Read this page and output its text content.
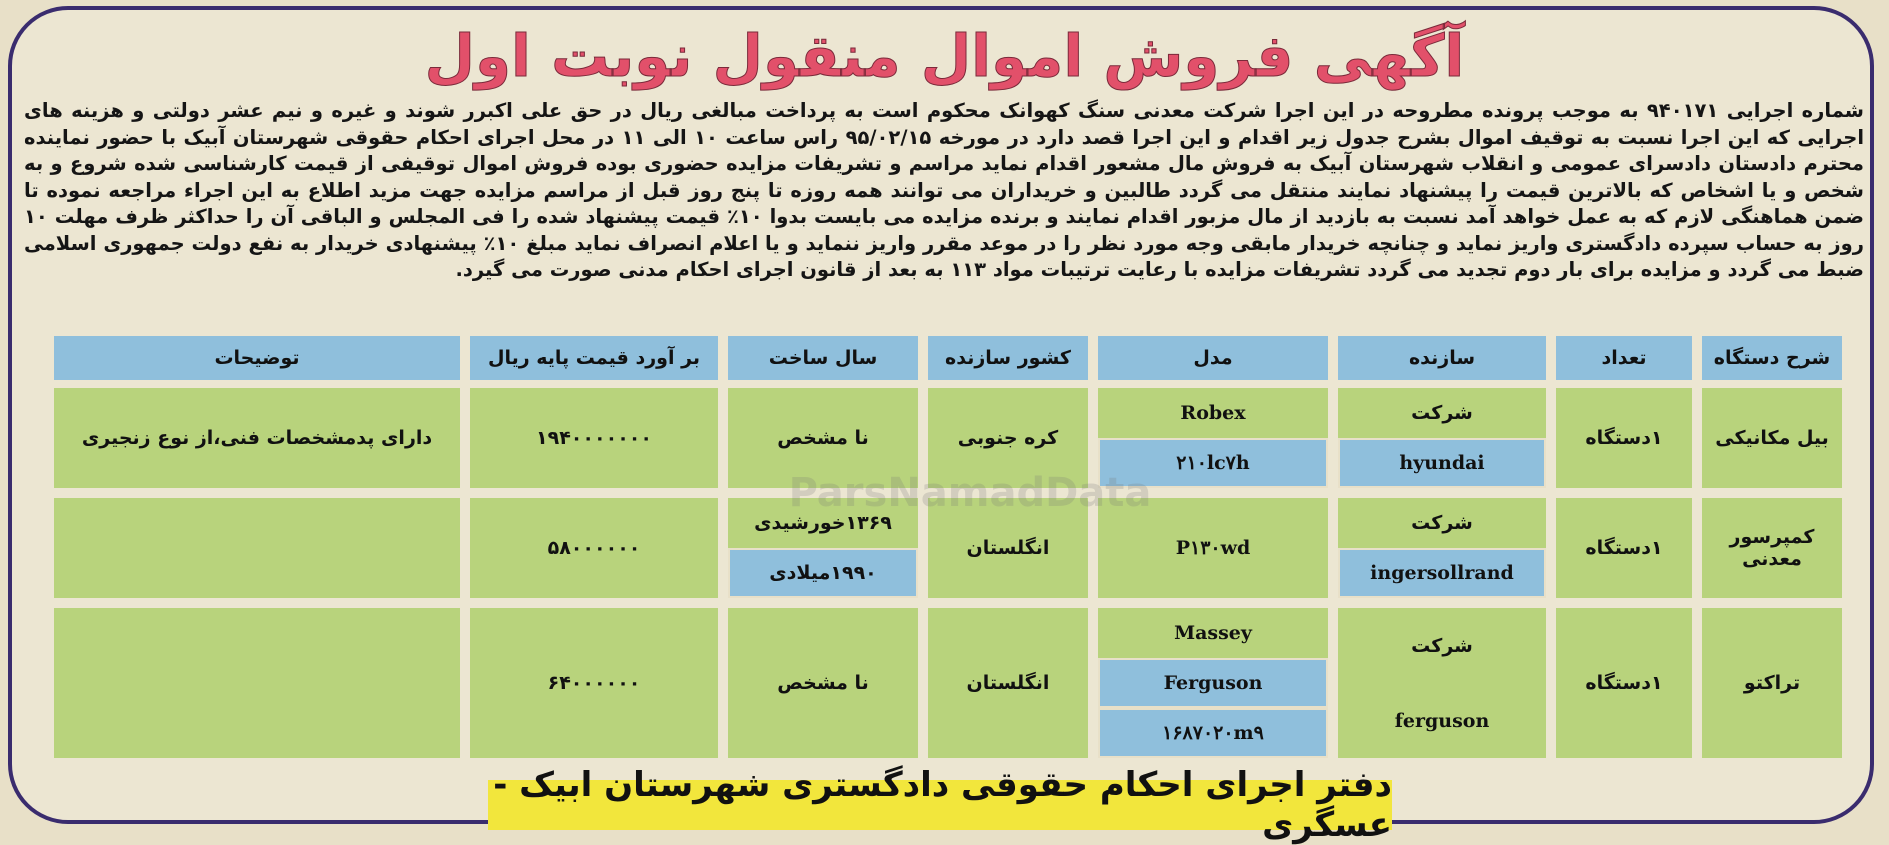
آگهی فروش اموال منقول نوبت اول
شماره اجرایی ۹۴۰۱۷۱ به موجب پرونده مطروحه در این اجرا شرکت معدنی سنگ کهوانک محکوم است به پرداخت مبالغی ریال در حق علی اکبرر شوند و غیره و نیم عشر دولتی و هزینه های اجرایی که این اجرا نسبت به توقیف اموال بشرح جدول زیر اقدام و این اجرا قصد دارد در مورخه ۹۵/۰۲/۱۵ راس ساعت ۱۰ الی ۱۱ در محل اجرای احکام حقوقی شهرستان آبیک با حضور نماینده محترم دادستان دادسرای عمومی و انقلاب شهرستان آبیک به فروش مال مشعور اقدام نماید مراسم و تشریفات مزایده حضوری بوده فروش اموال توقیفی از قیمت کارشناسی شده شروع و به شخص و یا اشخاص که بالاترین قیمت را پیشنهاد نمایند منتقل می گردد طالبین و خریداران می توانند همه روزه تا پنج روز قبل از مراسم مزایده جهت مزید اطلاع به این اجراء مراجعه نموده تا ضمن هماهنگی لازم که به عمل خواهد آمد نسبت به بازدید از مال مزبور اقدام نمایند و برنده مزایده می بایست بدوا ۱۰٪ قیمت پیشنهاد شده را فی المجلس و الباقی آن را حداکثر ظرف مهلت ۱۰ روز به حساب سپرده دادگستری واریز نماید و چنانچه خریدار مابقی وجه مورد نظر را در موعد مقرر واریز ننماید و یا اعلام انصراف نماید مبلغ ۱۰٪ پیشنهادی خریدار به نفع دولت جمهوری اسلامی ضبط می گردد و مزایده برای بار دوم تجدید می گردد تشریفات مزایده با رعایت ترتیبات مواد ۱۱۳ به بعد از قانون اجرای احکام مدنی صورت می گیرد.
شرح دستگاه
تعداد
سازنده
مدل
کشور سازنده
سال ساخت
بر آورد قیمت پایه ریال
توضیحات
بیل مکانیکی
۱دستگاه
شرکت
hyundai
Robex
۲۱۰lc۷h
کره جنوبی
نا مشخص
۱۹۴۰۰۰۰۰۰۰
دارای پدمشخصات فنی،از نوع زنجیری
کمپرسور معدنی
۱دستگاه
شرکت
ingersollrand
P۱۳۰wd
انگلستان
۱۳۶۹خورشیدی
۱۹۹۰میلادی
۵۸۰۰۰۰۰۰
تراکتو
۱دستگاه
شرکت
ferguson
Massey
Ferguson
۱۶۸۷۰۲۰m۹
انگلستان
نا مشخص
۶۴۰۰۰۰۰۰
ParsNamadData
دفتر اجرای احکام حقوقی دادگستری شهرستان ابیک - عسگری
